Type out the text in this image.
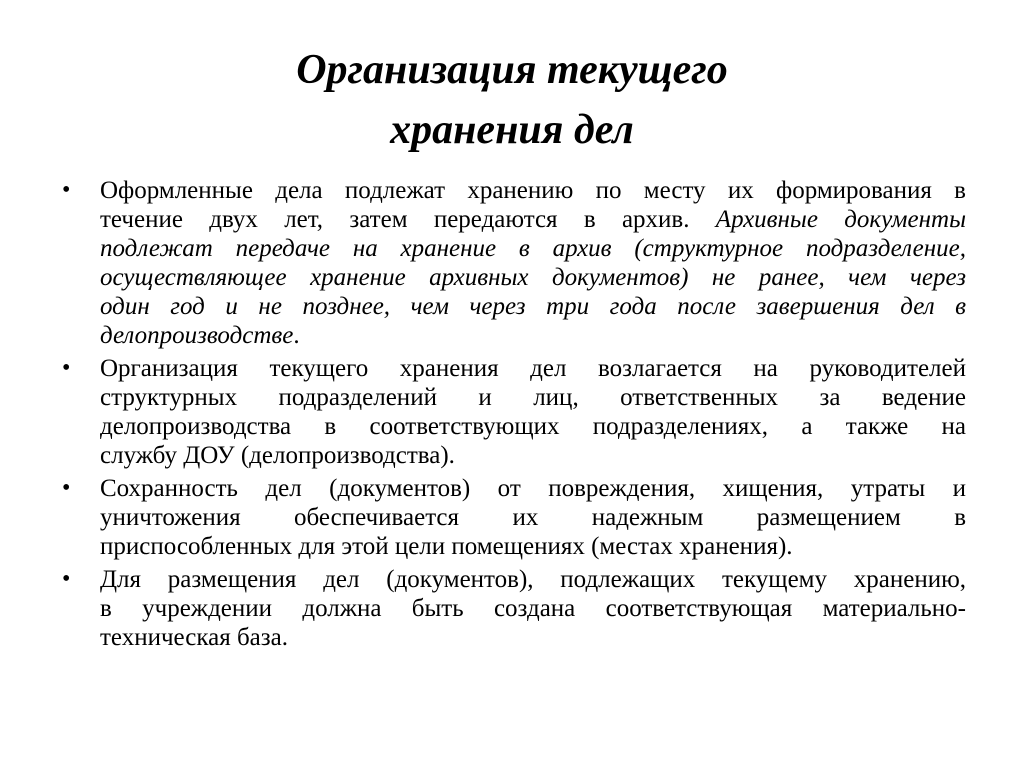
Организация текущего
хранения дел
• Оформленные дела подлежат хранению по месту их формирования в
течение двух лет, затем передаются в архив. Архивные документы
подлежат передаче на хранение в архив (структурное подразделение,
осуществляющее хранение архивных документов) не ранее, чем через
один год и не позднее, чем через три года после завершения дел в
делопроизводстве.
• Организация текущего хранения дел возлагается на руководителей
структурных подразделений и лиц, ответственных за ведение
делопроизводства в соответствующих подразделениях, а также на
службу ДОУ (делопроизводства).
• Сохранность дел (документов) от повреждения, хищения, утраты и
уничтожения обеспечивается их надежным размещением в
приспособленных для этой цели помещениях (местах хранения).
• Для размещения дел (документов), подлежащих текущему хранению,
в учреждении должна быть создана соответствующая материально-
техническая база.
